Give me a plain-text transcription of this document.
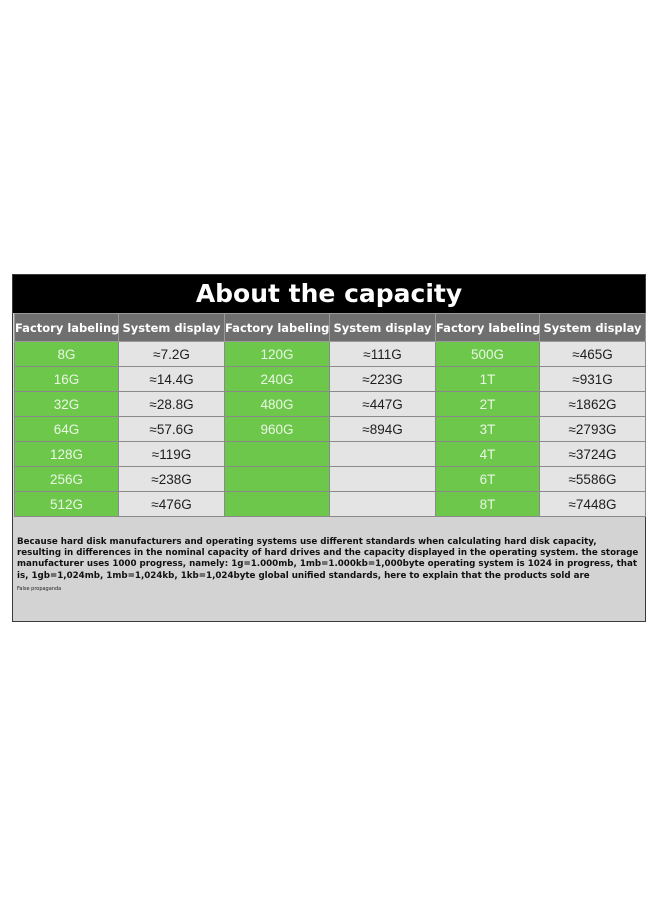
About the capacity
Factory labeling	System display	Factory labeling	System display	Factory labeling	System display
8G	≈7.2G	120G	≈111G	500G	≈465G
16G	≈14.4G	240G	≈223G	1T	≈931G
32G	≈28.8G	480G	≈447G	2T	≈1862G
64G	≈57.6G	960G	≈894G	3T	≈2793G
128G	≈119G			4T	≈3724G
256G	≈238G			6T	≈5586G
512G	≈476G			8T	≈7448G
Because hard disk manufacturers and operating systems use different standards when calculating hard disk capacity, resulting in differences in the nominal capacity of hard drives and the capacity displayed in the operating system. the storage manufacturer uses 1000 progress, namely: 1g=1.000mb, 1mb=1.000kb=1,000byte operating system is 1024 in progress, that is, 1gb=1,024mb, 1mb=1,024kb, 1kb=1,024byte global unified standards, here to explain that the products sold are
False propaganda
